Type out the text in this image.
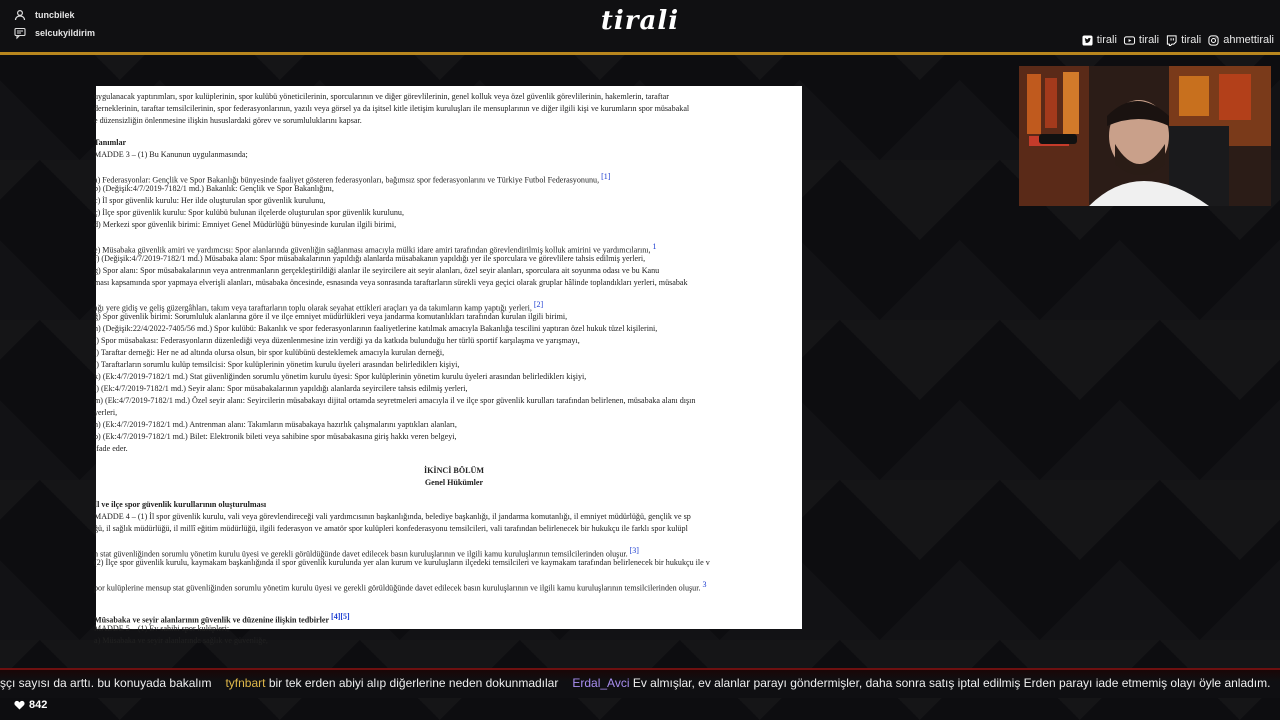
tuncbilek
selcukyildirim	tirali
tirali tirali tirali ahmettirali
uygulanacak yaptırımları, spor kulüplerinin, spor kulübü yöneticilerinin, sporcularının ve diğer görevlilerinin, genel kolluk veya özel güvenlik görevlilerinin, hakemlerin, taraftar
derneklerinin, taraftar temsilcilerinin, spor federasyonlarının, yazılı veya görsel ya da işitsel kitle iletişim kuruluşları ile mensuplarının ve diğer ilgili kişi ve kurumların spor müsabakal
e düzensizliğin önlenmesine ilişkin hususlardaki görev ve sorumluluklarını kapsar.
Tanımlar
MADDE 3 – (1) Bu Kanunun uygulanmasında;
a) Federasyonlar: Gençlik ve Spor Bakanlığı bünyesinde faaliyet gösteren federasyonları, bağımsız spor federasyonlarını ve Türkiye Futbol Federasyonunu, [1]
b) (Değişik:4/7/2019-7182/1 md.) Bakanlık: Gençlik ve Spor Bakanlığını,
c) İl spor güvenlik kurulu: Her ilde oluşturulan spor güvenlik kurulunu,
ç) İlçe spor güvenlik kurulu: Spor kulübü bulunan ilçelerde oluşturulan spor güvenlik kurulunu,
d) Merkezi spor güvenlik birimi: Emniyet Genel Müdürlüğü bünyesinde kurulan ilgili birimi,
e) Müsabaka güvenlik amiri ve yardımcısı: Spor alanlarında güvenliğin sağlanması amacıyla mülki idare amiri tarafından görevlendirilmiş kolluk amirini ve yardımcılarını, 1
f) (Değişik:4/7/2019-7182/1 md.) Müsabaka alanı: Spor müsabakalarının yapıldığı alanlarda müsabakanın yapıldığı yer ile sporculara ve görevlilere tahsis edilmiş yerleri,
g) Spor alanı: Spor müsabakalarının veya antrenmanların gerçekleştirildiği alanlar ile seyircilere ait seyir alanları, özel seyir alanları, sporculara ait soyunma odası ve bu Kanu
ması kapsamında spor yapmaya elverişli alanları, müsabaka öncesinde, esnasında veya sonrasında taraftarların sürekli veya geçici olarak gruplar hâlinde toplandıkları yerleri, müsabak
ağı yere gidiş ve geliş güzergâhları, takım veya taraftarların toplu olarak seyahat ettikleri araçları ya da takımların kamp yaptığı yerleri, [2]
ğ) Spor güvenlik birimi: Sorumluluk alanlarına göre il ve ilçe emniyet müdürlükleri veya jandarma komutanlıkları tarafından kurulan ilgili birimi,
h) (Değişik:22/4/2022-7405/56 md.) Spor kulübü: Bakanlık ve spor federasyonlarının faaliyetlerine katılmak amacıyla Bakanlığa tescilini yaptıran özel hukuk tüzel kişilerini,
ı) Spor müsabakası: Federasyonların düzenlediği veya düzenlenmesine izin verdiği ya da katkıda bulunduğu her türlü sportif karşılaşma ve yarışmayı,
i) Taraftar derneği: Her ne ad altında olursa olsun, bir spor kulübünü desteklemek amacıyla kurulan derneği,
j) Taraftarların sorumlu kulüp temsilcisi: Spor kulüplerinin yönetim kurulu üyeleri arasından belirlediklerı kişiyi,
k) (Ek:4/7/2019-7182/1 md.) Stat güvenliğinden sorumlu yönetim kurulu üyesi: Spor kulüplerinin yönetim kurulu üyeleri arasından belirlediklerı kişiyi,
l) (Ek:4/7/2019-7182/1 md.) Seyir alanı: Spor müsabakalarının yapıldığı alanlarda seyircilere tahsis edilmiş yerleri,
m) (Ek:4/7/2019-7182/1 md.) Özel seyir alanı: Seyircilerin müsabakayı dijital ortamda seyretmeleri amacıyla il ve ilçe spor güvenlik kurulları tarafından belirlenen, müsabaka alanı dışın
yerleri,
n) (Ek:4/7/2019-7182/1 md.) Antrenman alanı: Takımların müsabakaya hazırlık çalışmalarını yaptıkları alanları,
o) (Ek:4/7/2019-7182/1 md.) Bilet: Elektronik bileti veya sahibine spor müsabakasına giriş hakkı veren belgeyi,
ifade eder.
İKİNCİ BÖLÜM
Genel Hükümler
İl ve ilçe spor güvenlik kurullarının oluşturulması
MADDE 4 – (1) İl spor güvenlik kurulu, vali veya görevlendireceği vali yardımcısının başkanlığında, belediye başkanlığı, il jandarma komutanlığı, il emniyet müdürlüğü, gençlik ve sp
ğü, il sağlık müdürlüğü, il millî eğitim müdürlüğü, ilgili federasyon ve amatör spor kulüpleri konfederasyonu temsilcileri, vali tarafından belirlenecek bir hukukçu ile farklı spor kulüpl
n stat güvenliğinden sorumlu yönetim kurulu üyesi ve gerekli görüldüğünde davet edilecek basın kuruluşlarının ve ilgili kamu kuruluşlarının temsilcilerinden oluşur. [3]
(2) İlçe spor güvenlik kurulu, kaymakam başkanlığında il spor güvenlik kurulunda yer alan kurum ve kuruluşların ilçedeki temsilcileri ve kaymakam tarafından belirlenecek bir hukukçu ile v
por kulüplerine mensup stat güvenliğinden sorumlu yönetim kurulu üyesi ve gerekli görüldüğünde davet edilecek basın kuruluşlarının ve ilgili kamu kuruluşlarının temsilcilerinden oluşur. 3
Müsabaka ve seyir alanlarının güvenlik ve düzenine ilişkin tedbirler [4][5]
MADDE 5 – (1) Ev sahibi spor kulüpleri;
a) Müsabaka ve seyir alanlarında sağlık ve güvenliğe,
şçı sayısı da arttı. bu konuyada bakalım tyfnbart bir tek erden abiyi alıp diğerlerine neden dokunmadılar Erdal_Avci Ev almışlar, ev alanlar parayı göndermişler, daha sonra satış iptal edilmiş Erden parayı iade etmemiş olayı öyle anladım.
842
